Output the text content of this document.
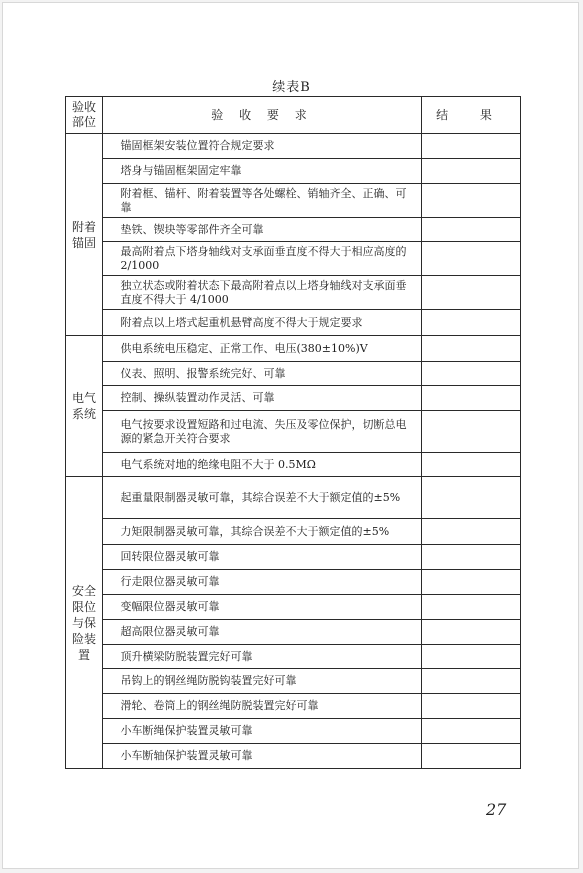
续表B
验收
部位	验 收 要 求		结 果
附着
锚固		锚固框架安装位置符合规定要求	
		塔身与锚固框架固定牢靠	
		附着框、锚杆、附着装置等各处螺栓、销轴齐全、正确、可靠	
		垫铁、锲块等零部件齐全可靠	
		最高附着点下塔身轴线对支承面垂直度不得大于相应高度的 2/1000	
		独立状态或附着状态下最高附着点以上塔身轴线对支承面垂直度不得大于 4/1000	
		附着点以上塔式起重机悬臂高度不得大于规定要求	
电气
系统		供电系统电压稳定、正常工作、电压(380±10%)V	
		仪表、照明、报警系统完好、可靠	
		控制、操纵装置动作灵活、可靠	
		电气按要求设置短路和过电流、失压及零位保护，切断总电源的紧急开关符合要求	
		电气系统对地的绝缘电阻不大于 0.5MΩ	
安全
限位
与保
险装
置		起重量限制器灵敏可靠，其综合误差不大于额定值的±5%	
		力矩限制器灵敏可靠，其综合误差不大于额定值的±5%	
		回转限位器灵敏可靠	
		行走限位器灵敏可靠	
		变幅限位器灵敏可靠	
		超高限位器灵敏可靠	
		顶升横梁防脱装置完好可靠	
		吊钩上的钢丝绳防脱钩装置完好可靠	
		滑轮、卷筒上的钢丝绳防脱装置完好可靠	
		小车断绳保护装置灵敏可靠	
		小车断轴保护装置灵敏可靠	
27
